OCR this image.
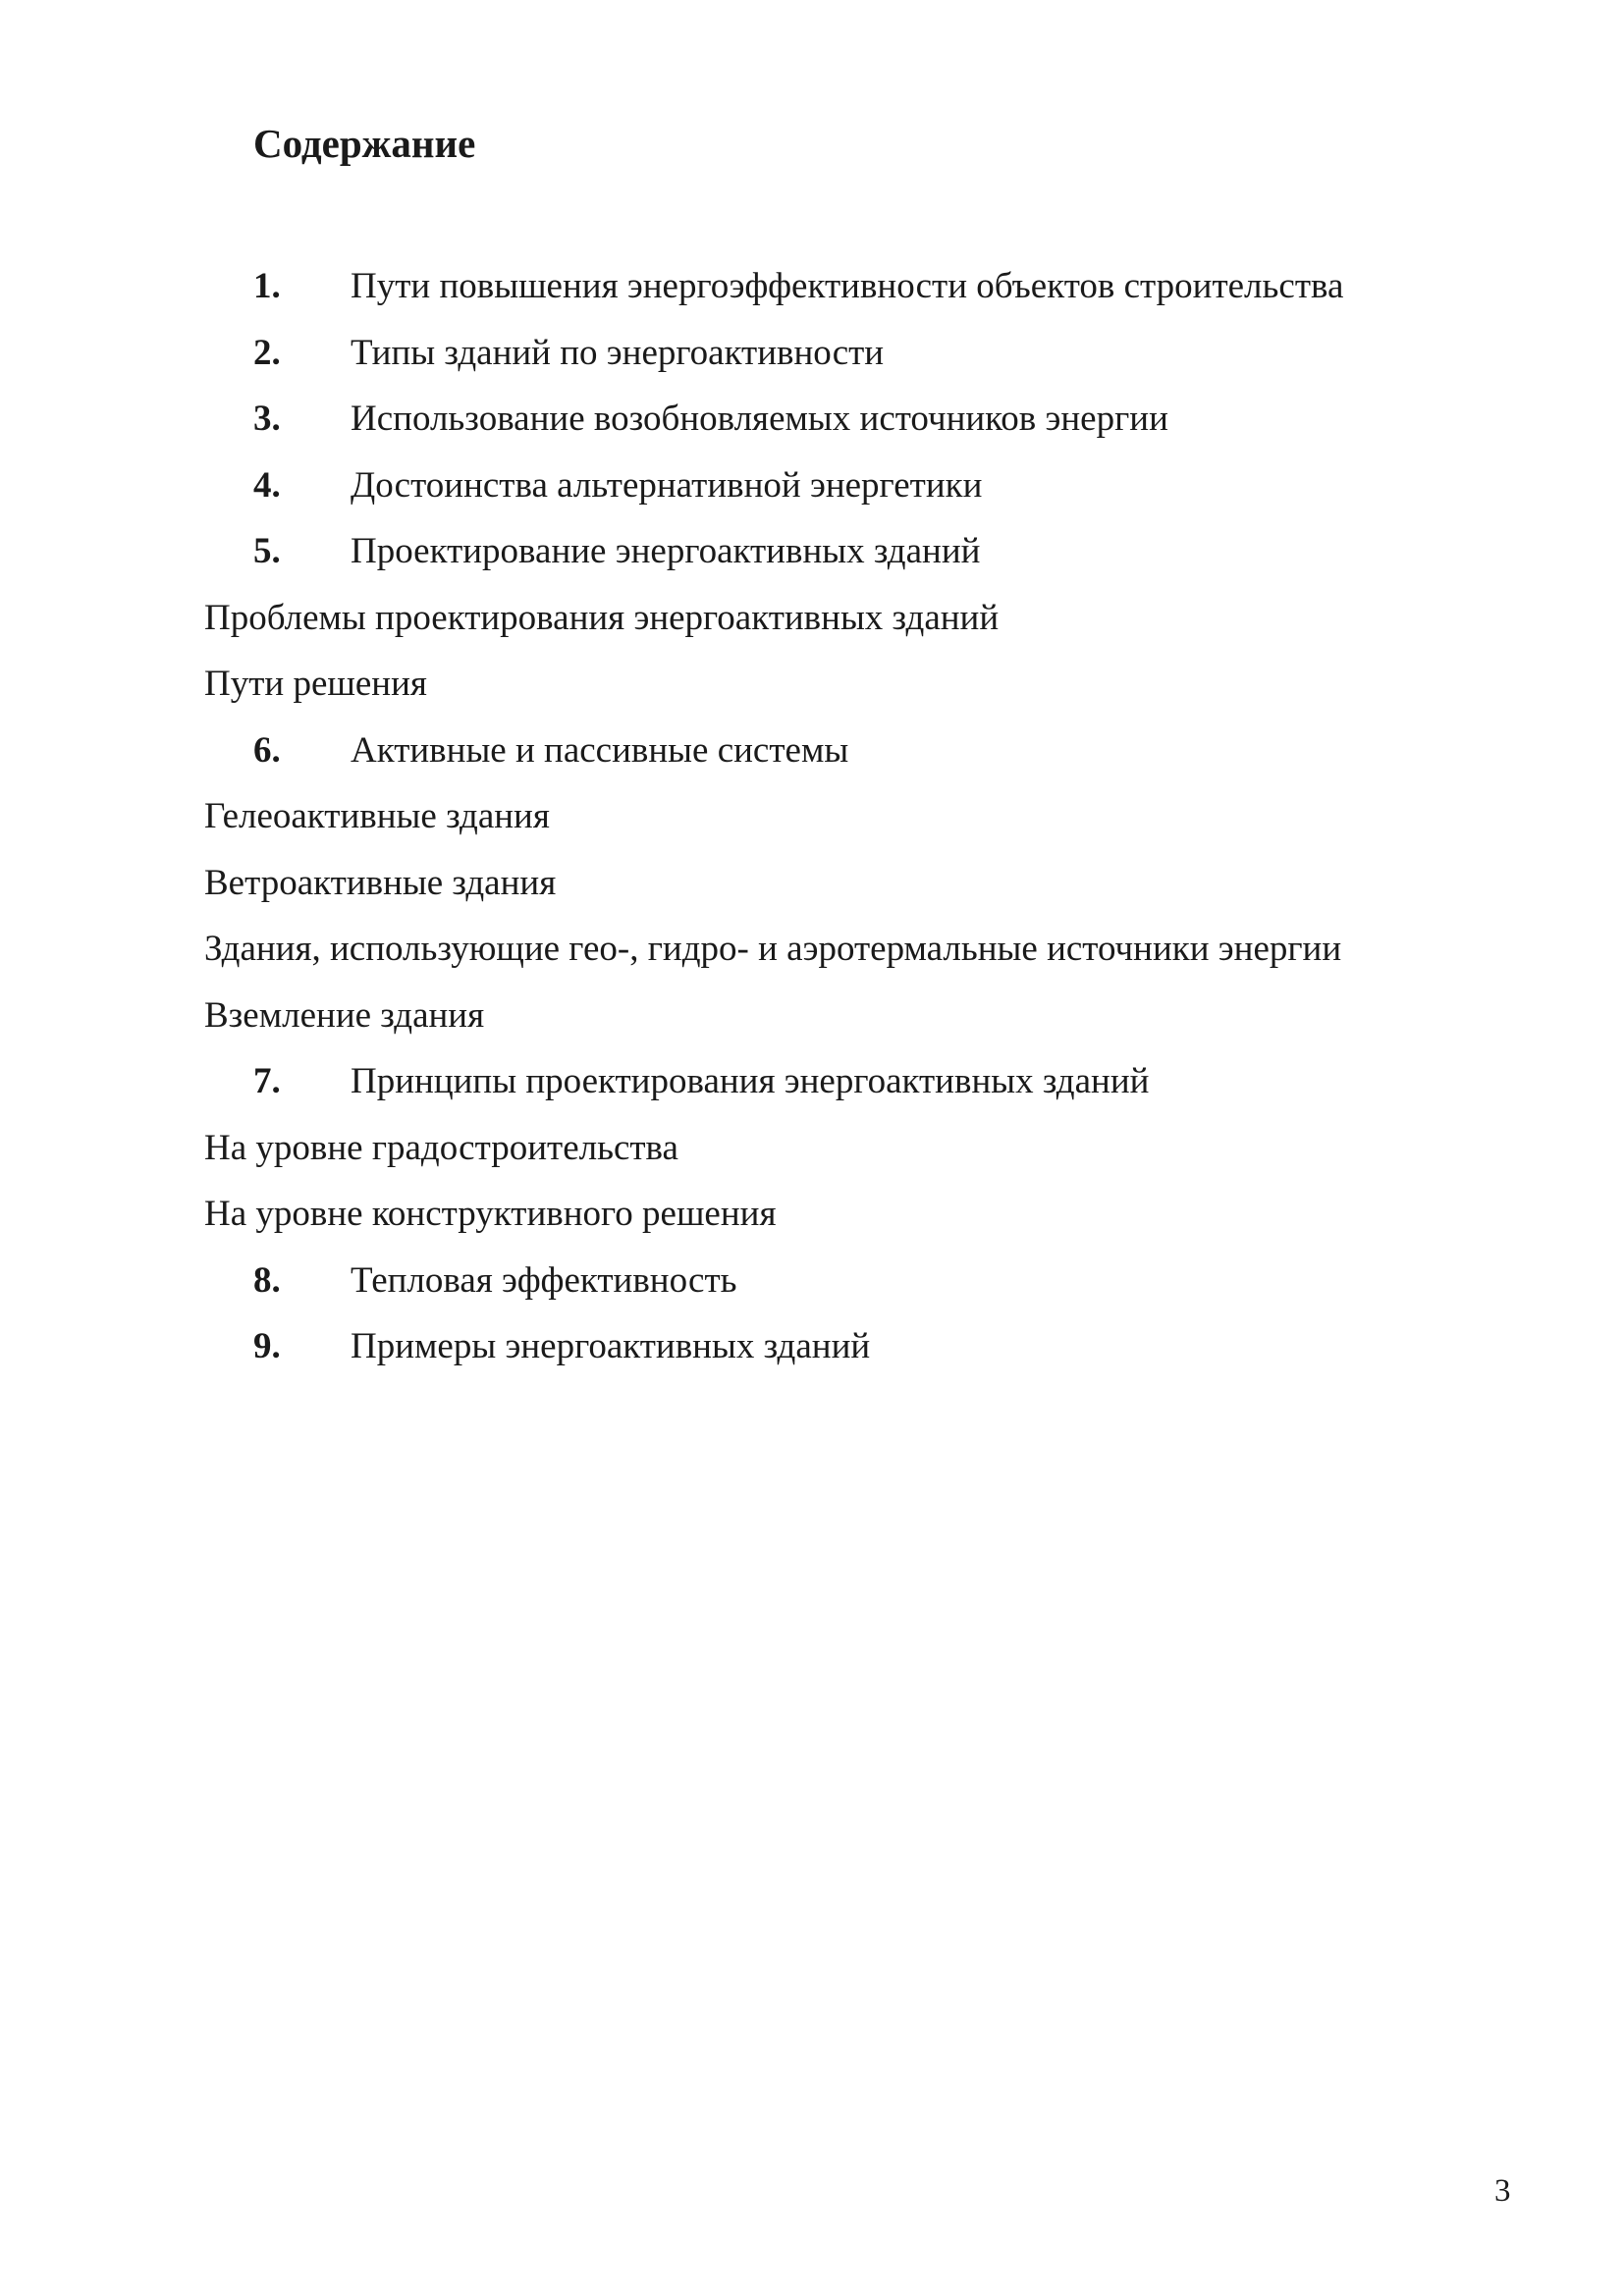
Содержание
1. Пути повышения энергоэффективности объектов строительства
2. Типы зданий по энергоактивности
3. Использование возобновляемых источников энергии
4. Достоинства альтернативной энергетики
5. Проектирование энергоактивных зданий
Проблемы проектирования энергоактивных зданий
Пути решения
6. Активные и пассивные системы
Гелеоактивные здания
Ветроактивные здания
Здания, использующие гео-, гидро- и аэротермальные источники энергии
Вземление здания
7. Принципы проектирования энергоактивных зданий
На уровне градостроительства
На уровне конструктивного решения
8. Тепловая эффективность
9. Примеры энергоактивных зданий
3
